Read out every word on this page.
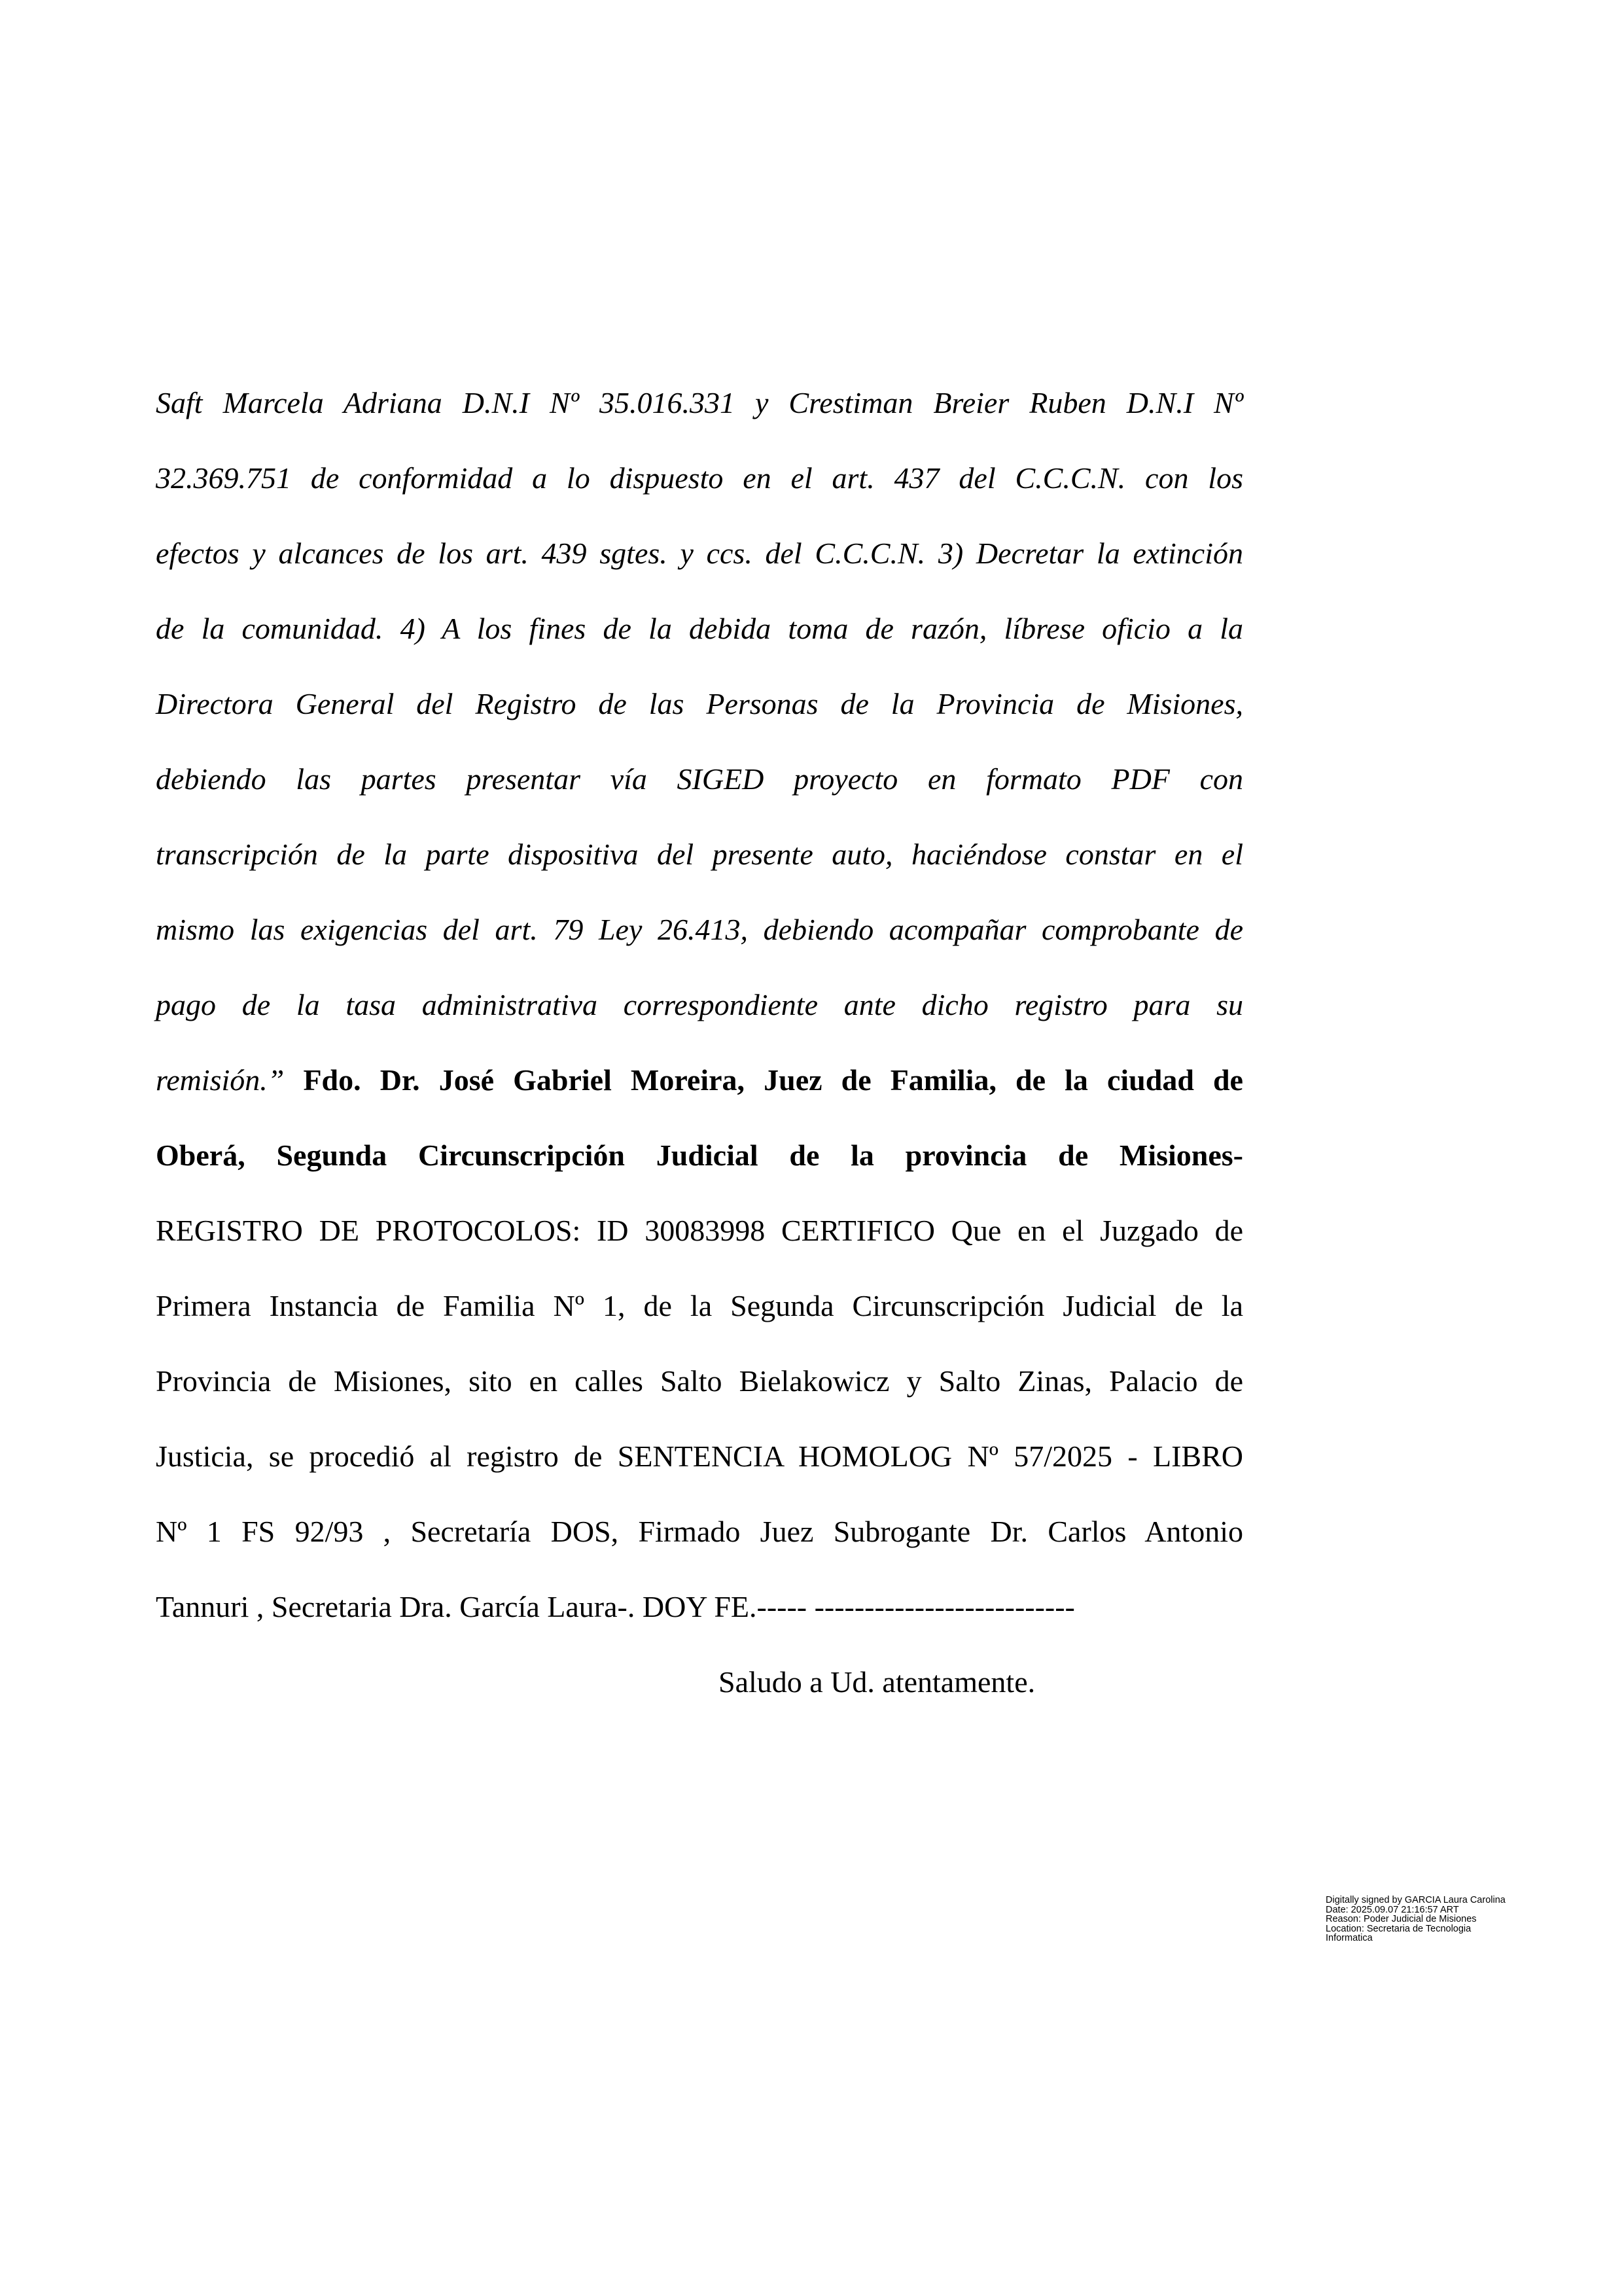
Saft Marcela Adriana D.N.I Nº 35.016.331 y Crestiman Breier Ruben D.N.I Nº
32.369.751 de conformidad a lo dispuesto en el art. 437 del C.C.C.N. con los
efectos y alcances de los art. 439 sgtes. y ccs. del C.C.C.N. 3) Decretar la extinción
de la comunidad. 4) A los fines de la debida toma de razón, líbrese oficio a la
Directora General del Registro de las Personas de la Provincia de Misiones,
debiendo las partes presentar vía SIGED proyecto en formato PDF con
transcripción de la parte dispositiva del presente auto, haciéndose constar en el
mismo las exigencias del art. 79 Ley 26.413, debiendo acompañar comprobante de
pago de la tasa administrativa correspondiente ante dicho registro para su
remisión.” Fdo. Dr. José Gabriel Moreira, Juez de Familia, de la ciudad de
Oberá, Segunda Circunscripción Judicial de la provincia de Misiones-
REGISTRO DE PROTOCOLOS: ID 30083998 CERTIFICO Que en el Juzgado de
Primera Instancia de Familia Nº 1, de la Segunda Circunscripción Judicial de la
Provincia de Misiones, sito en calles Salto Bielakowicz y Salto Zinas, Palacio de
Justicia, se procedió al registro de SENTENCIA HOMOLOG Nº 57/2025 - LIBRO
Nº 1 FS 92/93 , Secretaría DOS, Firmado Juez Subrogante Dr. Carlos Antonio
Tannuri , Secretaria Dra. García Laura-. DOY FE.----- --------------------------
Saludo a Ud. atentamente.
Digitally signed by GARCIA Laura Carolina
Date: 2025.09.07 21:16:57 ART
Reason: Poder Judicial de Misiones
Location: Secretaria de Tecnologia
Informatica
